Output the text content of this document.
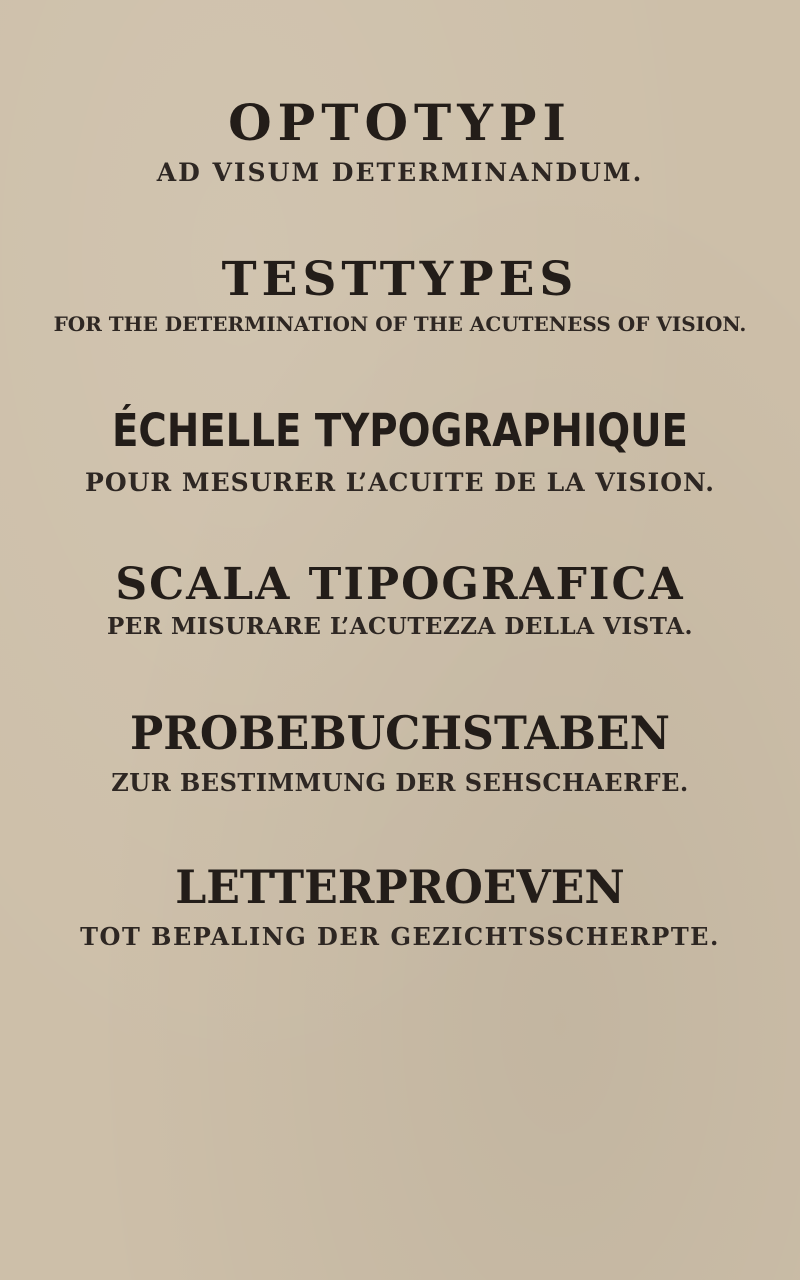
OPTOTYPI
AD VISUM DETERMINANDUM.
TESTTYPES
FOR THE DETERMINATION OF THE ACUTENESS OF VISION.
ÉCHELLE TYPOGRAPHIQUE
POUR MESURER L’ACUITE DE LA VISION.
SCALA TIPOGRAFICA
PER MISURARE L’ACUTEZZA DELLA VISTA.
PROBEBUCHSTABEN
ZUR BESTIMMUNG DER SEHSCHAERFE.
LETTERPROEVEN
TOT BEPALING DER GEZICHTSSCHERPTE.
